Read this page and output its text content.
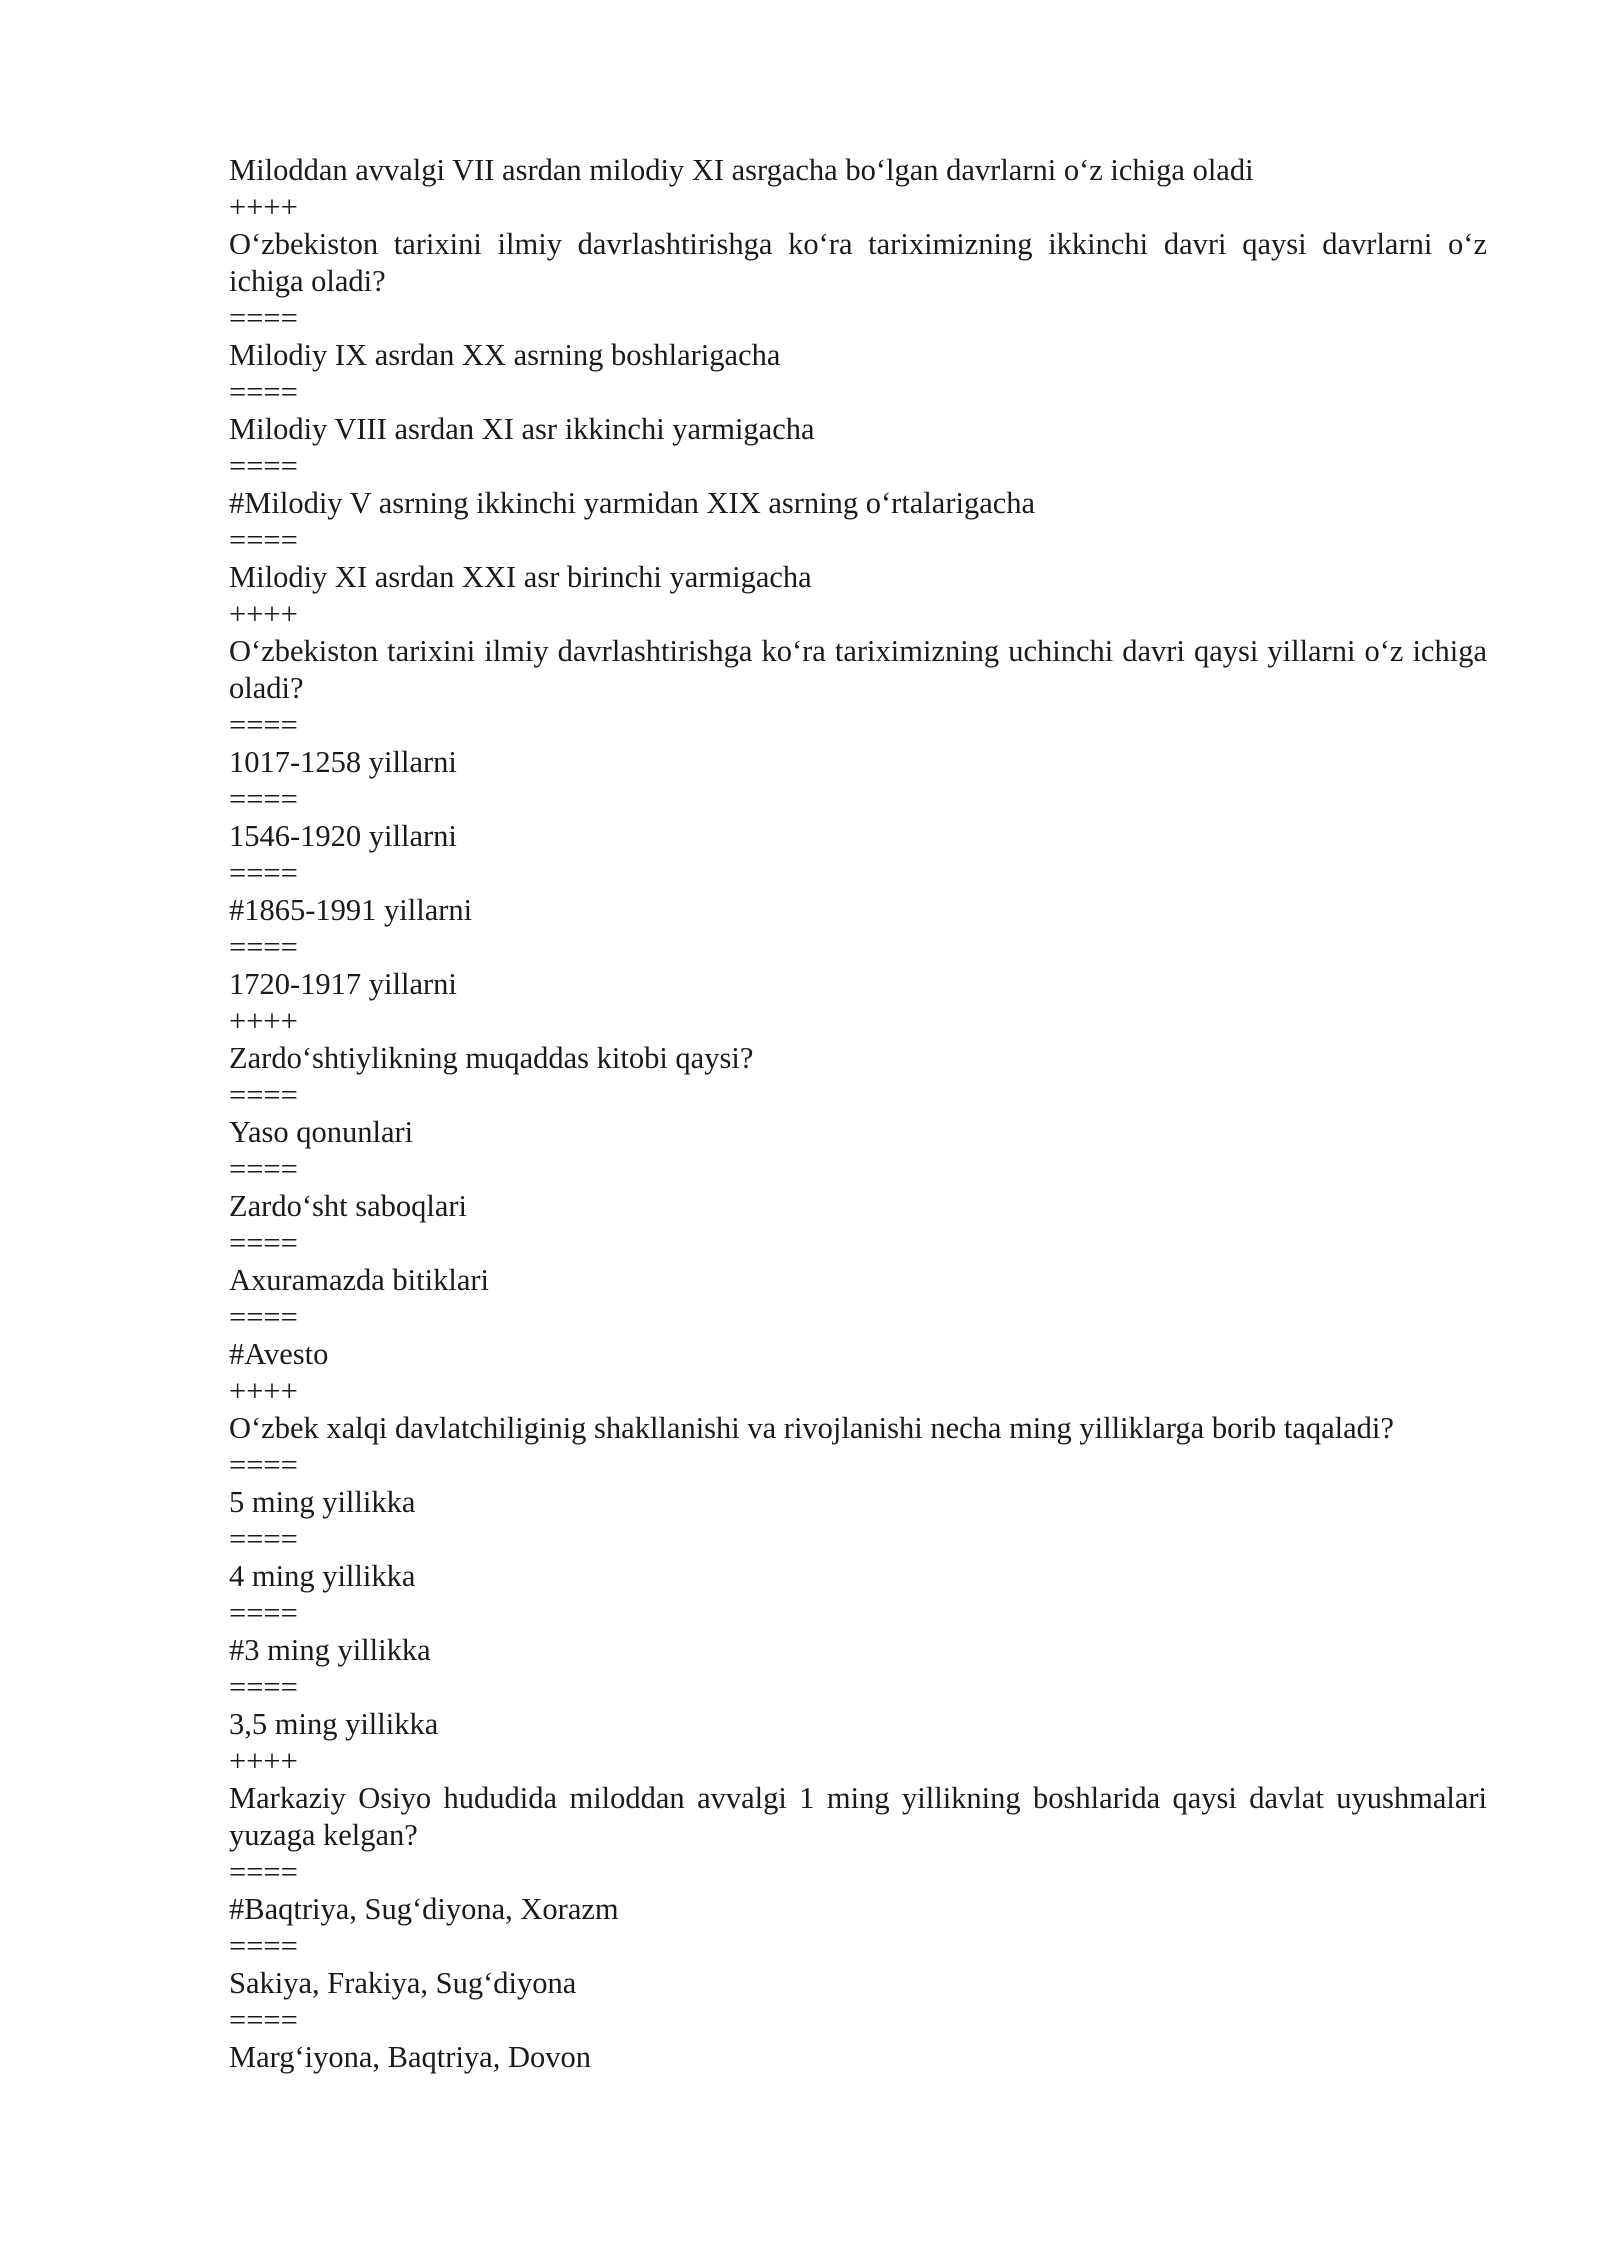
Miloddan avvalgi VII asrdan milodiy XI asrgacha bo‘lgan davrlarni o‘z ichiga oladi
++++
O‘zbekiston tarixini ilmiy davrlashtirishga ko‘ra tariximizning ikkinchi davri qaysi davrlarni o‘z ichiga oladi?
====
Milodiy IX asrdan XX asrning boshlarigacha
====
Milodiy VIII asrdan XI asr ikkinchi yarmigacha
====
#Milodiy V asrning ikkinchi yarmidan XIX asrning o‘rtalarigacha
====
Milodiy XI asrdan XXI asr birinchi yarmigacha
++++
O‘zbekiston tarixini ilmiy davrlashtirishga ko‘ra tariximizning uchinchi davri qaysi yillarni o‘z ichiga oladi?
====
1017-1258 yillarni
====
1546-1920 yillarni
====
#1865-1991 yillarni
====
1720-1917 yillarni
++++
Zardo‘shtiylikning muqaddas kitobi qaysi?
====
Yaso qonunlari
====
Zardo‘sht saboqlari
====
Axuramazda bitiklari
====
#Avesto
++++
O‘zbek xalqi davlatchiliginig shakllanishi va rivojlanishi necha ming yilliklarga borib taqaladi?
====
5 ming yillikka
====
4 ming yillikka
====
#3 ming yillikka
====
3,5 ming yillikka
++++
Markaziy Osiyo hududida miloddan avvalgi 1 ming yillikning boshlarida qaysi davlat uyushmalari yuzaga kelgan?
====
#Baqtriya, Sug‘diyona, Xorazm
====
Sakiya, Frakiya, Sug‘diyona
====
Marg‘iyona, Baqtriya, Dovon
